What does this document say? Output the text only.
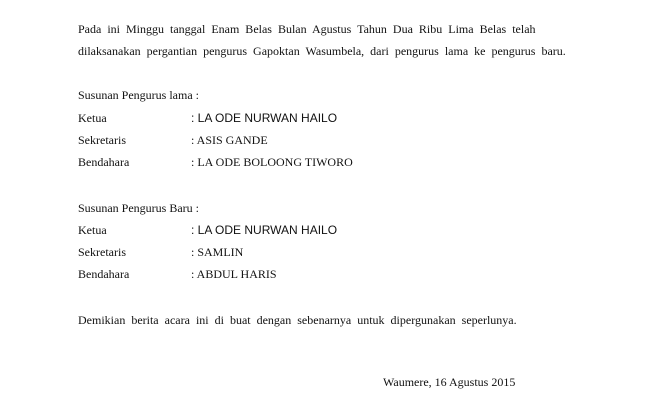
Pada ini Minggu tanggal Enam Belas Bulan Agustus Tahun Dua Ribu Lima Belas telah
dilaksanakan pergantian pengurus Gapoktan Wasumbela, dari pengurus lama ke pengurus baru.
Susunan Pengurus lama :
Ketua	: LA ODE NURWAN HAILO
Sekretaris	: ASIS GANDE
Bendahara	: LA ODE BOLOONG TIWORO
Susunan Pengurus Baru :
Ketua	: LA ODE NURWAN HAILO
Sekretaris	: SAMLIN
Bendahara	: ABDUL HARIS
Demikian berita acara ini di buat dengan sebenarnya untuk dipergunakan seperlunya.
Waumere, 16 Agustus 2015
